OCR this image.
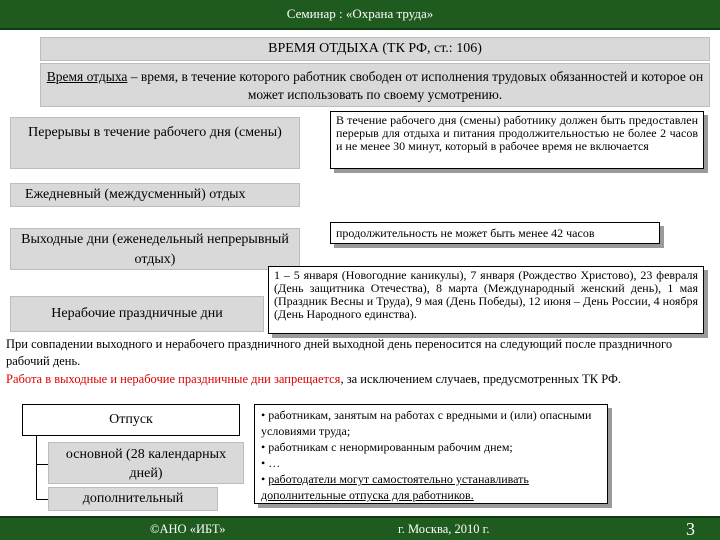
Семинар : «Охрана труда»
ВРЕМЯ ОТДЫХА (ТК РФ, ст.: 106)
Время отдыха – время, в течение которого работник свободен от исполнения трудовых обязанностей и которое он может использовать по своему усмотрению.
Перерывы в течение рабочего дня (смены)
В течение рабочего дня (смены) работнику должен быть предоставлен перерыв для отдыха и питания продолжительностью не более 2 часов и не менее 30 минут, который в рабочее время не включается
Ежедневный (междусменный) отдых
Выходные дни (еженедельный непрерывный отдых)
продолжительность не может быть менее 42 часов
Нерабочие праздничные дни
1 – 5 января (Новогодние каникулы), 7 января (Рождество Христово), 23 февраля (День защитника Отечества), 8 марта (Международный женский день), 1 мая (Праздник Весны и Труда), 9 мая (День Победы), 12 июня – День России, 4 ноября (День Народного единства).
При совпадении выходного и нерабочего праздничного дней выходной день переносится на следующий после праздничного рабочий день.
Работа в выходные и нерабочие праздничные дни запрещается, за исключением случаев, предусмотренных ТК РФ.
Отпуск
основной (28 календарных дней)
дополнительный
• работникам, занятым на работах с вредными и (или) опасными условиями труда;
• работникам с ненормированным рабочим днем;
• …
• работодатели могут самостоятельно устанавливать дополнительные отпуска для работников.
©АНО «ИБТ»	г. Москва, 2010 г.	3
